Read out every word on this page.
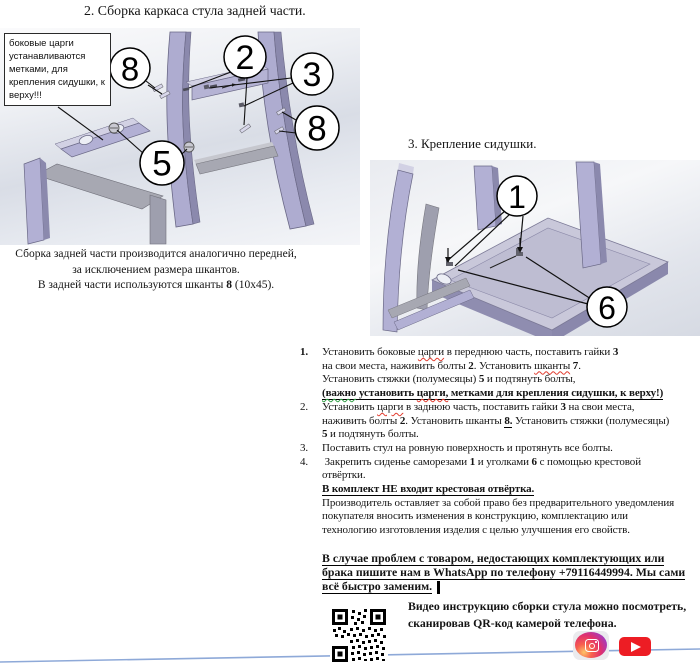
2. Сборка каркаса стула задней части.
8	2 3
8
5
боковые царги устанавливаются метками, для крепления сидушки, к верху!!!
Сборка задней части производится аналогично передней,
за исключением размера шкантов.
В задней части используются шканты 8 (10x45).
3. Крепление сидушки.
1
6
1.	Установить боковые царги в переднюю часть, поставить гайки 3
на свои места, наживить болты 2. Установить шканты 7.
Установить стяжки (полумесяцы) 5 и подтянуть болты,
(важно установить царги, метками для крепления сидушки, к верху!)
2.	Установить царги в заднюю часть, поставить гайки 3 на свои места,
наживить болты 2. Установить шканты 8. Установить стяжки (полумесяцы)
5 и подтянуть болты.
3.	Поставить стул на ровную поверхность и протянуть все болты.
4.	Закрепить сиденье саморезами 1 и уголками 6 с помощью крестовой
отвёртки.
В комплект НЕ входит крестовая отвёртка.
Производитель оставляет за собой право без предварительного уведомления
покупателя вносить изменения в конструкцию, комплектацию или
технологию изготовления изделия с целью улучшения его свойств.
В случае проблем с товаром, недостающих комплектующих или
брака пишите нам в WhatsApp по телефону +79116449994. Мы сами
всё быстро заменим.
Видео инструкцию сборки стула можно посмотреть,
сканировав QR-код камерой телефона.
